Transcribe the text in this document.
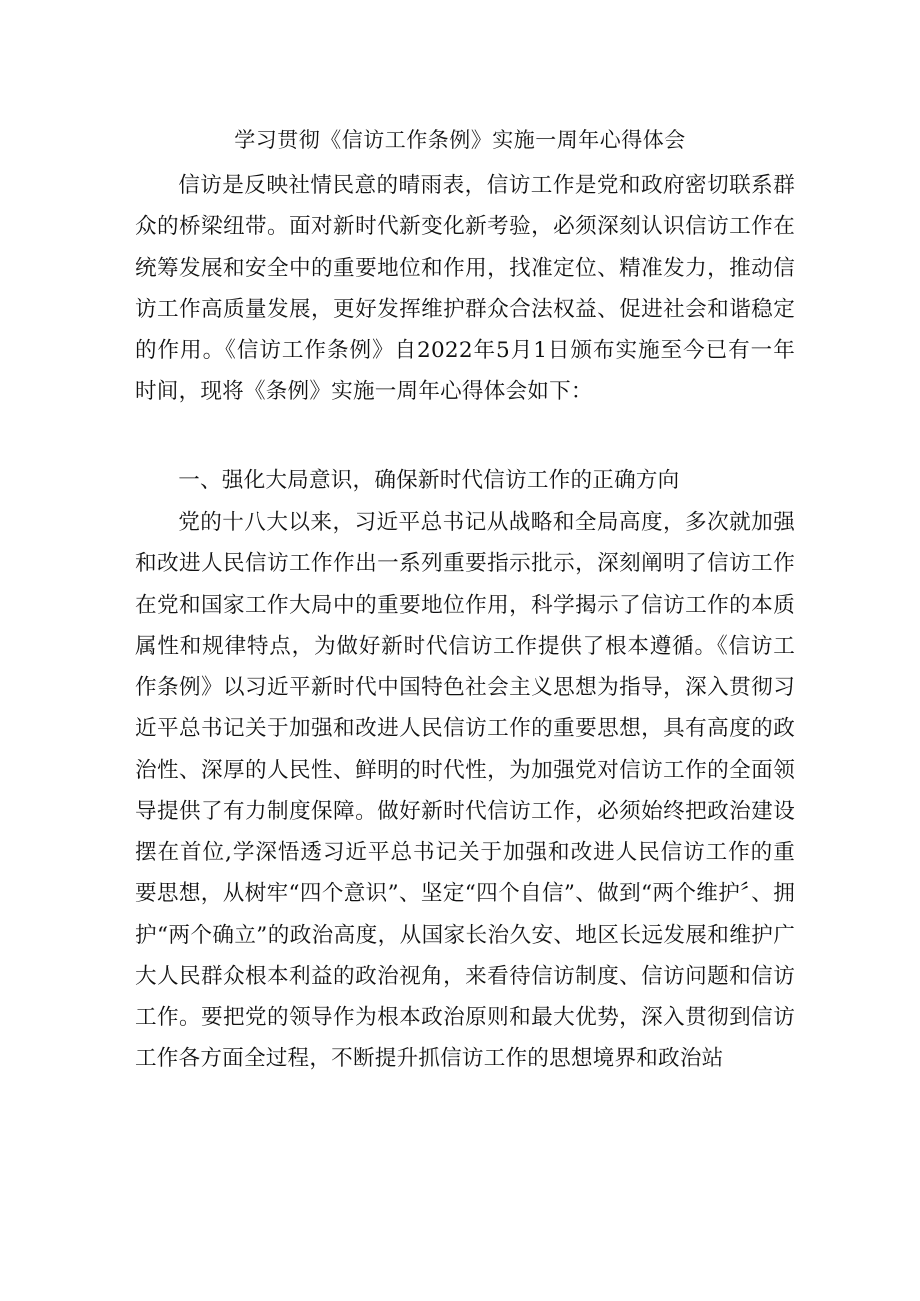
学习贯彻《信访工作条例》实施一周年心得体会

信访是反映社情民意的晴雨表，信访工作是党和政府密切联系群众的桥梁纽带。面对新时代新变化新考验，必须深刻认识信访工作在统筹发展和安全中的重要地位和作用，找准定位、精准发力，推动信访工作高质量发展，更好发挥维护群众合法权益、促进社会和谐稳定的作用。《信访工作条例》自2022年5月1日颁布实施至今已有一年时间，现将《条例》实施一周年心得体会如下：

一、强化大局意识，确保新时代信访工作的正确方向

党的十八大以来，习近平总书记从战略和全局高度，多次就加强和改进人民信访工作作出一系列重要指示批示，深刻阐明了信访工作在党和国家工作大局中的重要地位作用，科学揭示了信访工作的本质属性和规律特点，为做好新时代信访工作提供了根本遵循。《信访工作条例》以习近平新时代中国特色社会主义思想为指导，深入贯彻习近平总书记关于加强和改进人民信访工作的重要思想，具有高度的政治性、深厚的人民性、鲜明的时代性，为加强党对信访工作的全面领导提供了有力制度保障。做好新时代信访工作，必须始终把政治建设摆在首位,学深悟透习近平总书记关于加强和改进人民信访工作的重要思想，从树牢“四个意识”、坚定“四个自信”、做到“两个维护〞、拥护“两个确立”的政治高度，从国家长治久安、地区长远发展和维护广大人民群众根本利益的政治视角，来看待信访制度、信访问题和信访工作。要把党的领导作为根本政治原则和最大优势，深入贯彻到信访工作各方面全过程，不断提升抓信访工作的思想境界和政治站
